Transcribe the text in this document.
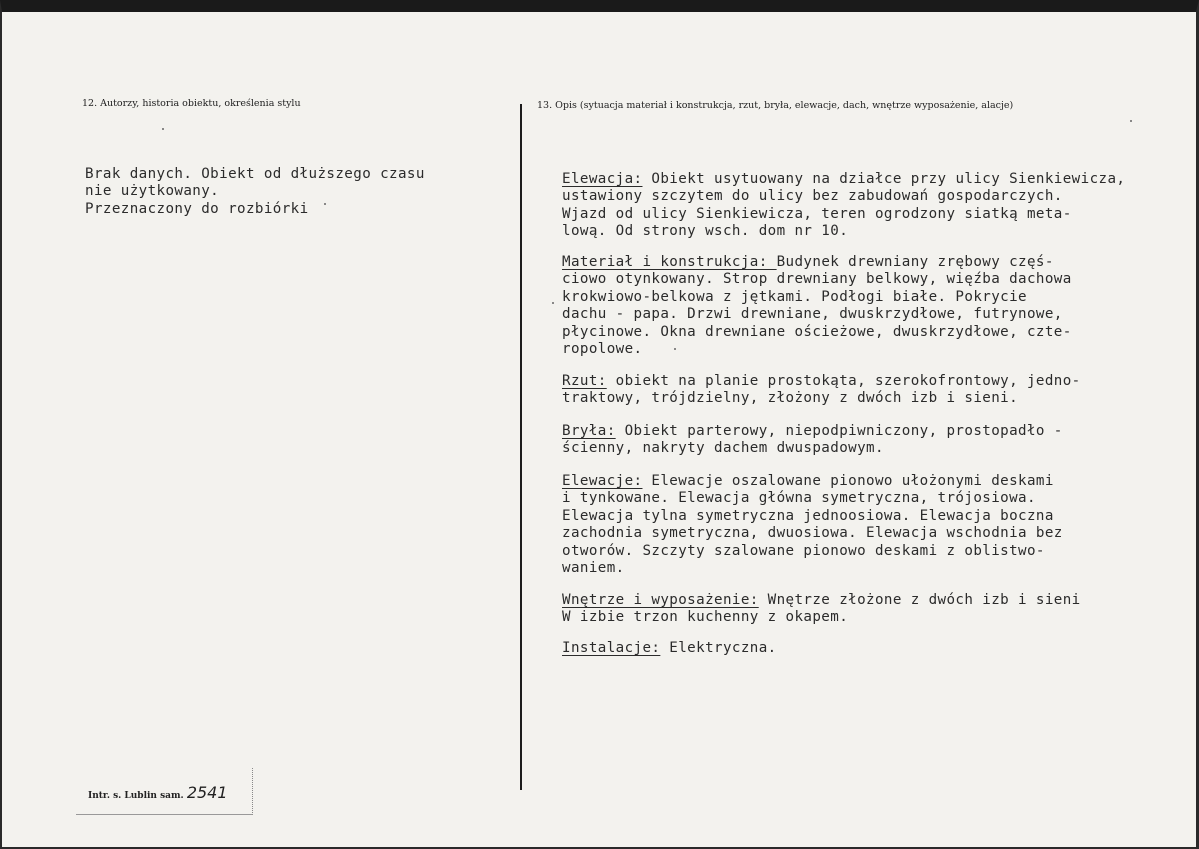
12. Autorzy, historia obiektu, określenia stylu	13. Opis (sytuacja materiał i konstrukcja, rzut, bryła, elewacje, dach, wnętrze wyposażenie, alacje)
Brak danych. Obiekt od dłuższego czasu
nie użytkowany.
Przeznaczony do rozbiórki
Elewacja: Obiekt usytuowany na działce przy ulicy Sienkiewicza,
ustawiony szczytem do ulicy bez zabudowań gospodarczych.
Wjazd od ulicy Sienkiewicza, teren ogrodzony siatką meta-
lową. Od strony wsch. dom nr 10.
Materiał i konstrukcja: Budynek drewniany zrębowy częś-
ciowo otynkowany. Strop drewniany belkowy, więźba dachowa
krokwiowo-belkowa z jętkami. Podłogi białe. Pokrycie
dachu - papa. Drzwi drewniane, dwuskrzydłowe, futrynowe,
płycinowe. Okna drewniane ościeżowe, dwuskrzydłowe, czte-
ropolowe.
Rzut: obiekt na planie prostokąta, szerokofrontowy, jedno-
traktowy, trójdzielny, złożony z dwóch izb i sieni.
Bryła: Obiekt parterowy, niepodpiwniczony, prostopadło -
ścienny, nakryty dachem dwuspadowym.
Elewacje: Elewacje oszalowane pionowo ułożonymi deskami
i tynkowane. Elewacja główna symetryczna, trójosiowa.
Elewacja tylna symetryczna jednoosiowa. Elewacja boczna
zachodnia symetryczna, dwuosiowa. Elewacja wschodnia bez
otworów. Szczyty szalowane pionowo deskami z oblistwo-
waniem.
Wnętrze i wyposażenie: Wnętrze złożone z dwóch izb i sieni
W izbie trzon kuchenny z okapem.
Instalacje: Elektryczna.
Intr. s. Lublin sam. 2541
